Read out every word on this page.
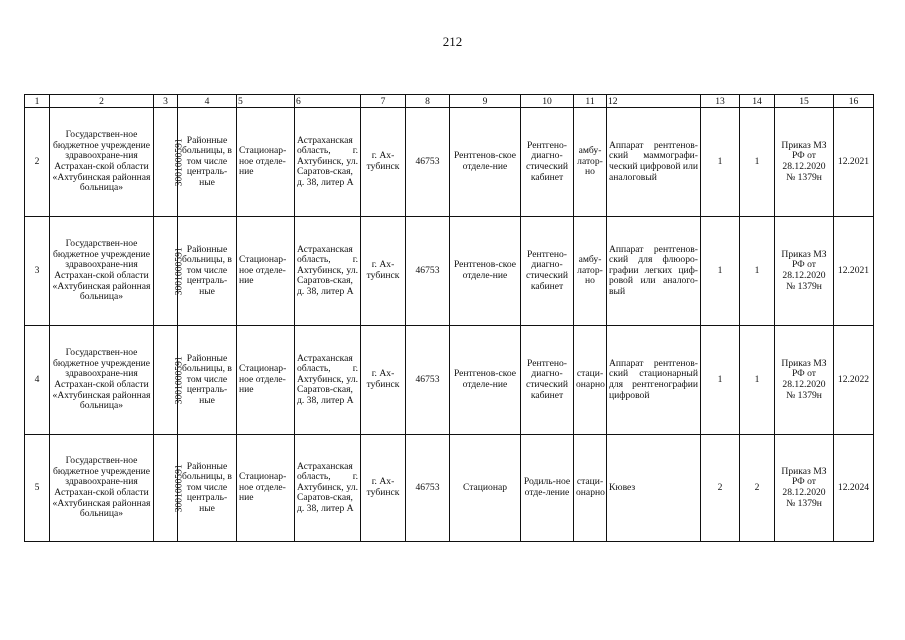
212
1	2	3	4	5	6	7	8	9	10	11	12	13	14	15	16
2	Государствен-ное бюджетное учреждение здравоохране-ния Астрахан-ской области «Ахтубинская районная больница»	3001000591	Районные больницы, в том числе централь-ные	Стационар-ное отделе-ние	Астраханская область, г. Ахтубинск, ул. Саратов-ская, д. 38, литер А	г. Ах-тубинск	46753	Рентгенов-ское отделе-ние	Рентгено-диагно-стический кабинет	амбу-латор-но	Аппарат рентгенов-ский маммографи-ческий цифровой или аналоговый	1	1	Приказ МЗ РФ от 28.12.2020 № 1379н	12.2021
3	Государствен-ное бюджетное учреждение здравоохране-ния Астрахан-ской области «Ахтубинская районная больница»	3001000591	Районные больницы, в том числе централь-ные	Стационар-ное отделе-ние	Астраханская область, г. Ахтубинск, ул. Саратов-ская, д. 38, литер А	г. Ах-тубинск	46753	Рентгенов-ское отделе-ние	Рентгено-диагно-стический кабинет	амбу-латор-но	Аппарат рентгенов-ский для флюоро-графии легких циф-ровой или аналого-вый	1	1	Приказ МЗ РФ от 28.12.2020 № 1379н	12.2021
4	Государствен-ное бюджетное учреждение здравоохране-ния Астрахан-ской области «Ахтубинская районная больница»	3001000591	Районные больницы, в том числе централь-ные	Стационар-ное отделе-ние	Астраханская область, г. Ахтубинск, ул. Саратов-ская, д. 38, литер А	г. Ах-тубинск	46753	Рентгенов-ское отделе-ние	Рентгено-диагно-стический кабинет	стаци-онарно	Аппарат рентгенов-ский стационарный для рентгенографии цифровой	1	1	Приказ МЗ РФ от 28.12.2020 № 1379н	12.2022
5	Государствен-ное бюджетное учреждение здравоохране-ния Астрахан-ской области «Ахтубинская районная больница»	3001000591	Районные больницы, в том числе централь-ные	Стационар-ное отделе-ние	Астраханская область, г. Ахтубинск, ул. Саратов-ская, д. 38, литер А	г. Ах-тубинск	46753	Стационар	Родиль-ное отде-ление	стаци-онарно	Кювез	2	2	Приказ МЗ РФ от 28.12.2020 № 1379н	12.2024
